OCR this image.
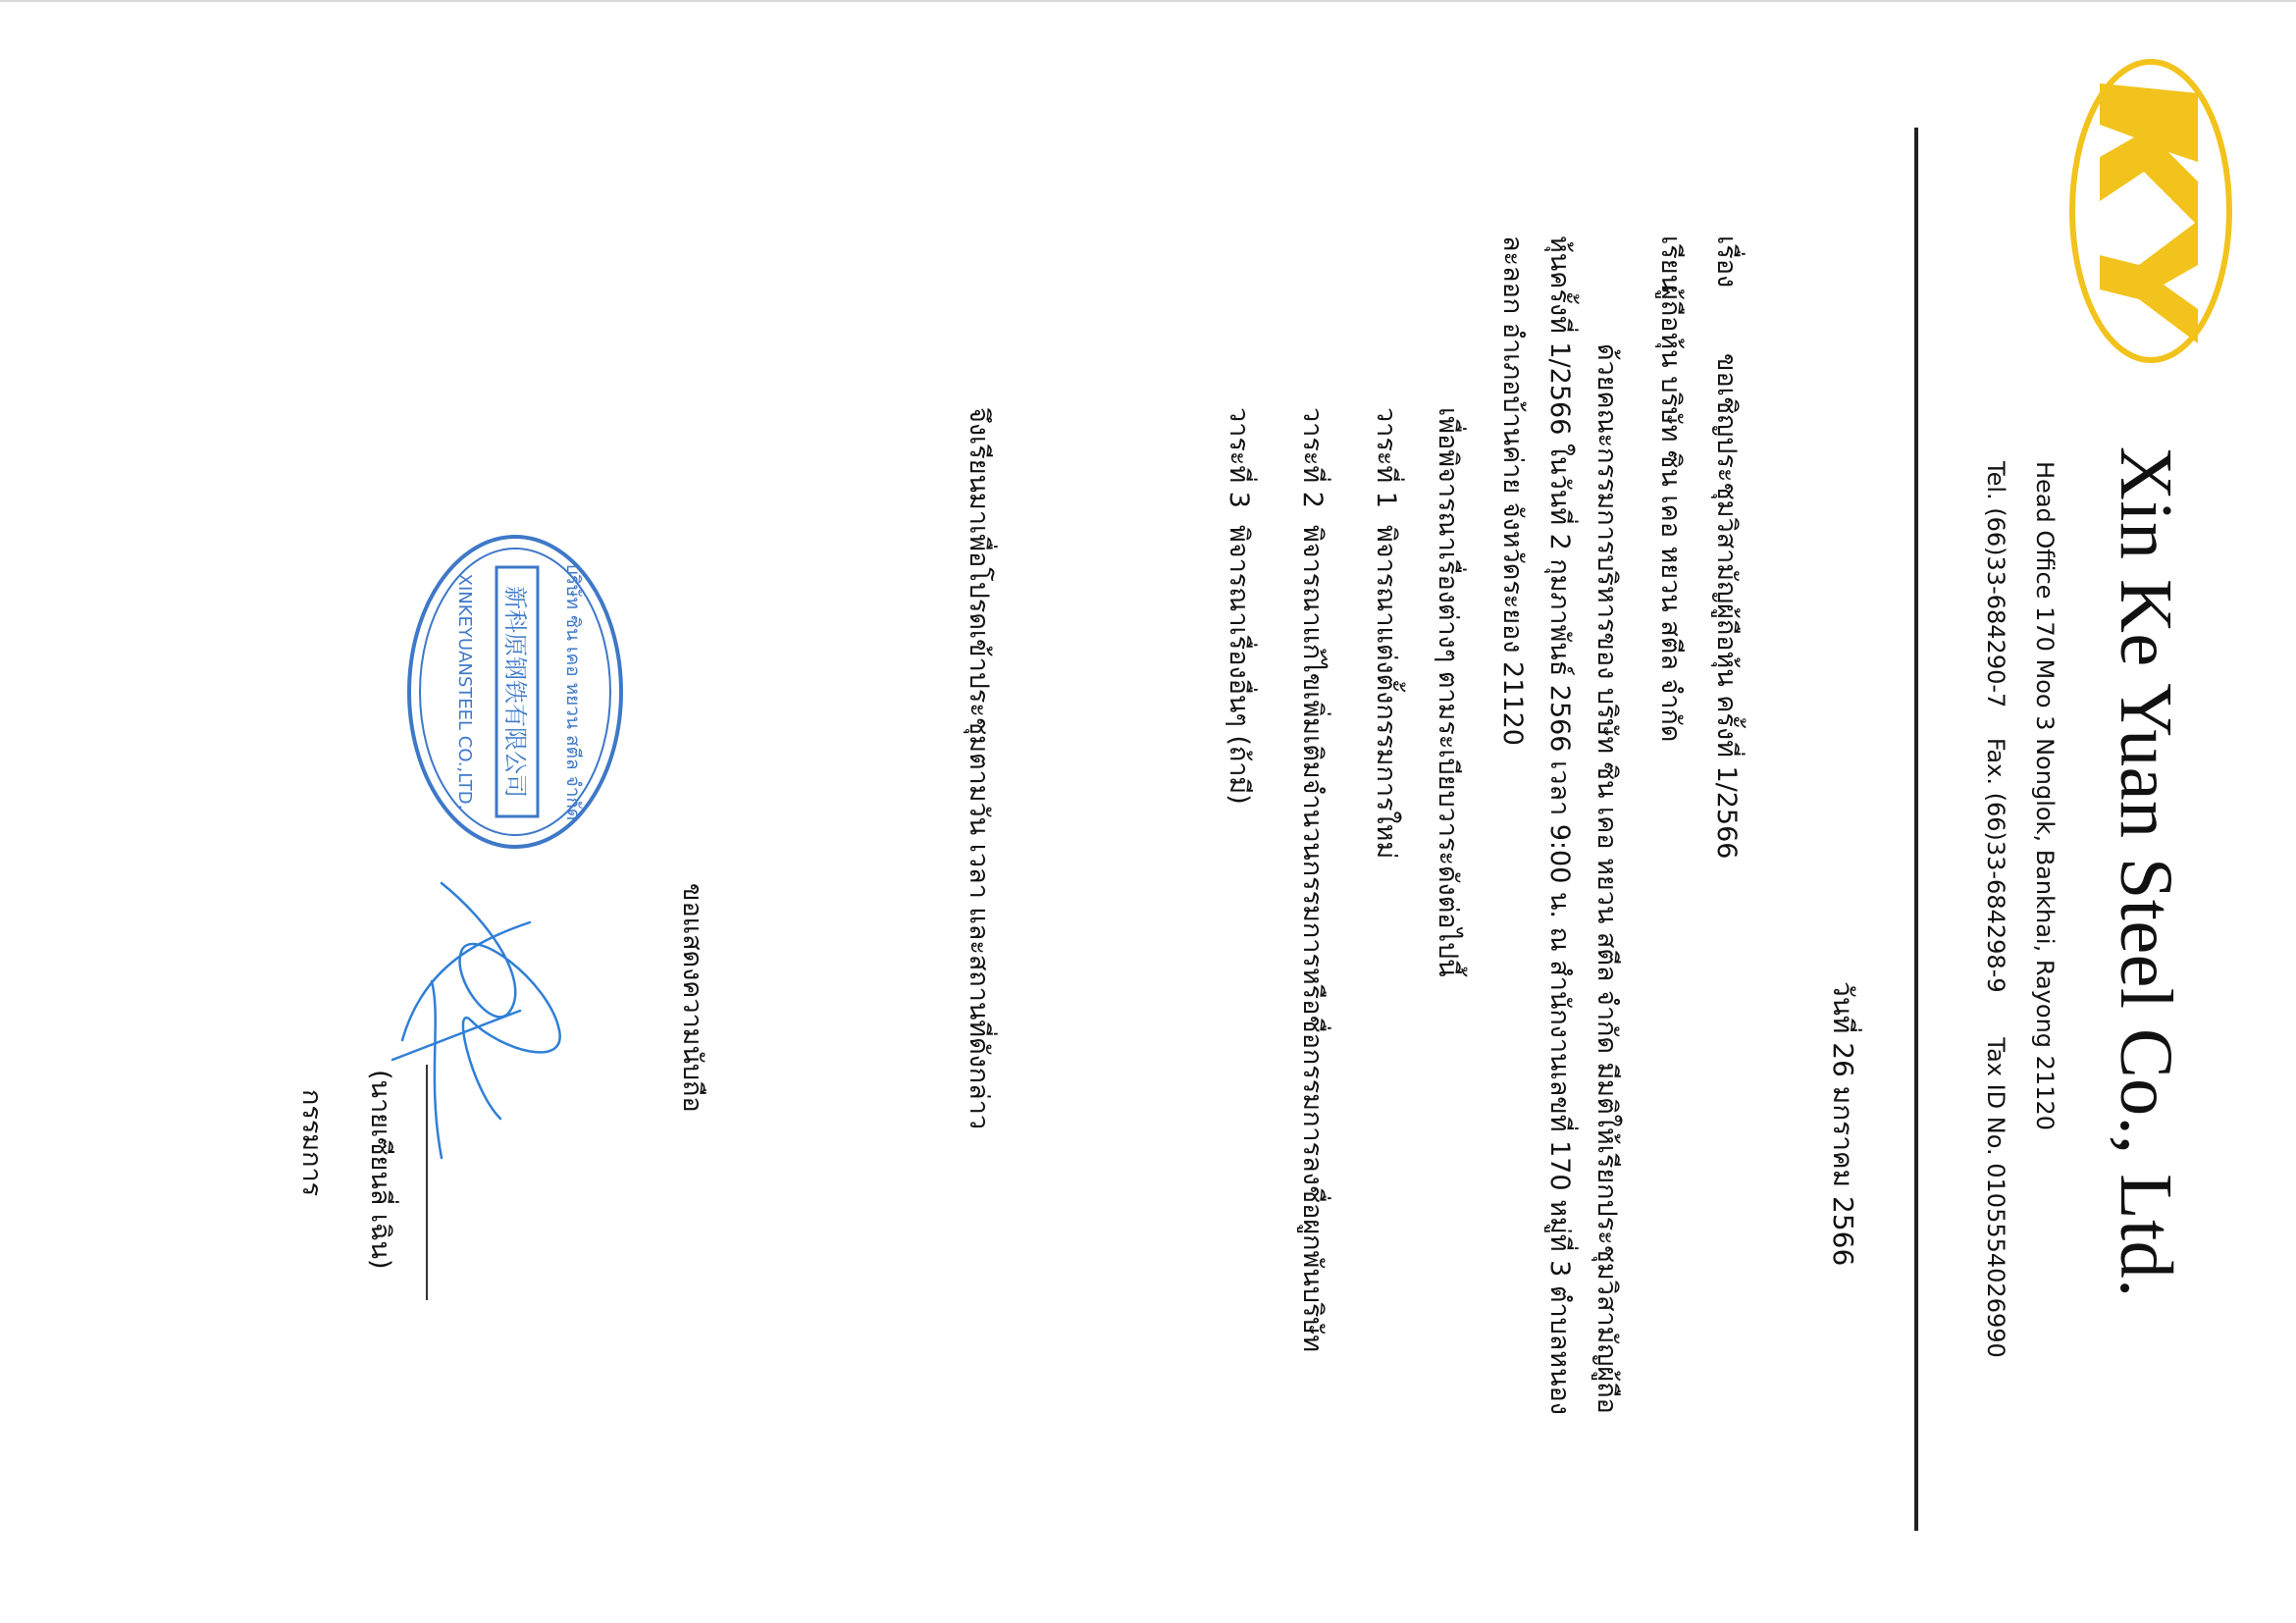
Xin Ke Yuan Steel Co., Ltd.
Head Office 170 Moo 3 Nonglok, Bankhai, Rayong 21120
Tel. (66)33-684290-7    Fax. (66)33-684298-9      Tax ID No. 0105554026990
วันที่ 26 มกราคม 2566
เรื่องขอเชิญประชุมวิสามัญผู้ถือหุ้น ครั้งที่ 1/2566
เรียนผู้ถือหุ้น บริษัท ซิน เคอ หยวน สตีล จำกัด
ด้วยคณะกรรมการบริหารของ บริษัท ซิน เคอ หยวน สตีล จำกัด มีมติให้เรียกประชุมวิสามัญผู้ถือ
หุ้นครั้งที่ 1/2566 ในวันที่ 2 กุมภาพันธ์ 2566 เวลา 9:00 น. ณ สำนักงานเลขที่ 170 หมู่ที่ 3 ตำบลหนอง
ละลอก อำเภอบ้านค่าย จังหวัดระยอง 21120
เพื่อพิจารณาเรื่องต่างๆ ตามระเบียบวาระดังต่อไปนี้
วาระที่ 1พิจารณาแต่งตั้งกรรมการใหม่
วาระที่ 2พิจารณาแก้ไขเพิ่มเติมจำนวนกรรมการหรือชื่อกรรมการลงชื่อผูกพันบริษัท
วาระที่ 3พิจารณาเรื่องอื่นๆ (ถ้ามี)
จึงเรียนมาเพื่อโปรดเข้าประชุมตามวัน เวลา และสถานที่ดังกล่าว
ขอแสดงความนับถือ
บริษัท ซิน เคอ หยวน สตีล จำกัด
新科原钢铁有限公司
XINKEYUANSTEEL CO.,LTD.
(นายเซียนลี่ เฉิน)
กรรมการ
